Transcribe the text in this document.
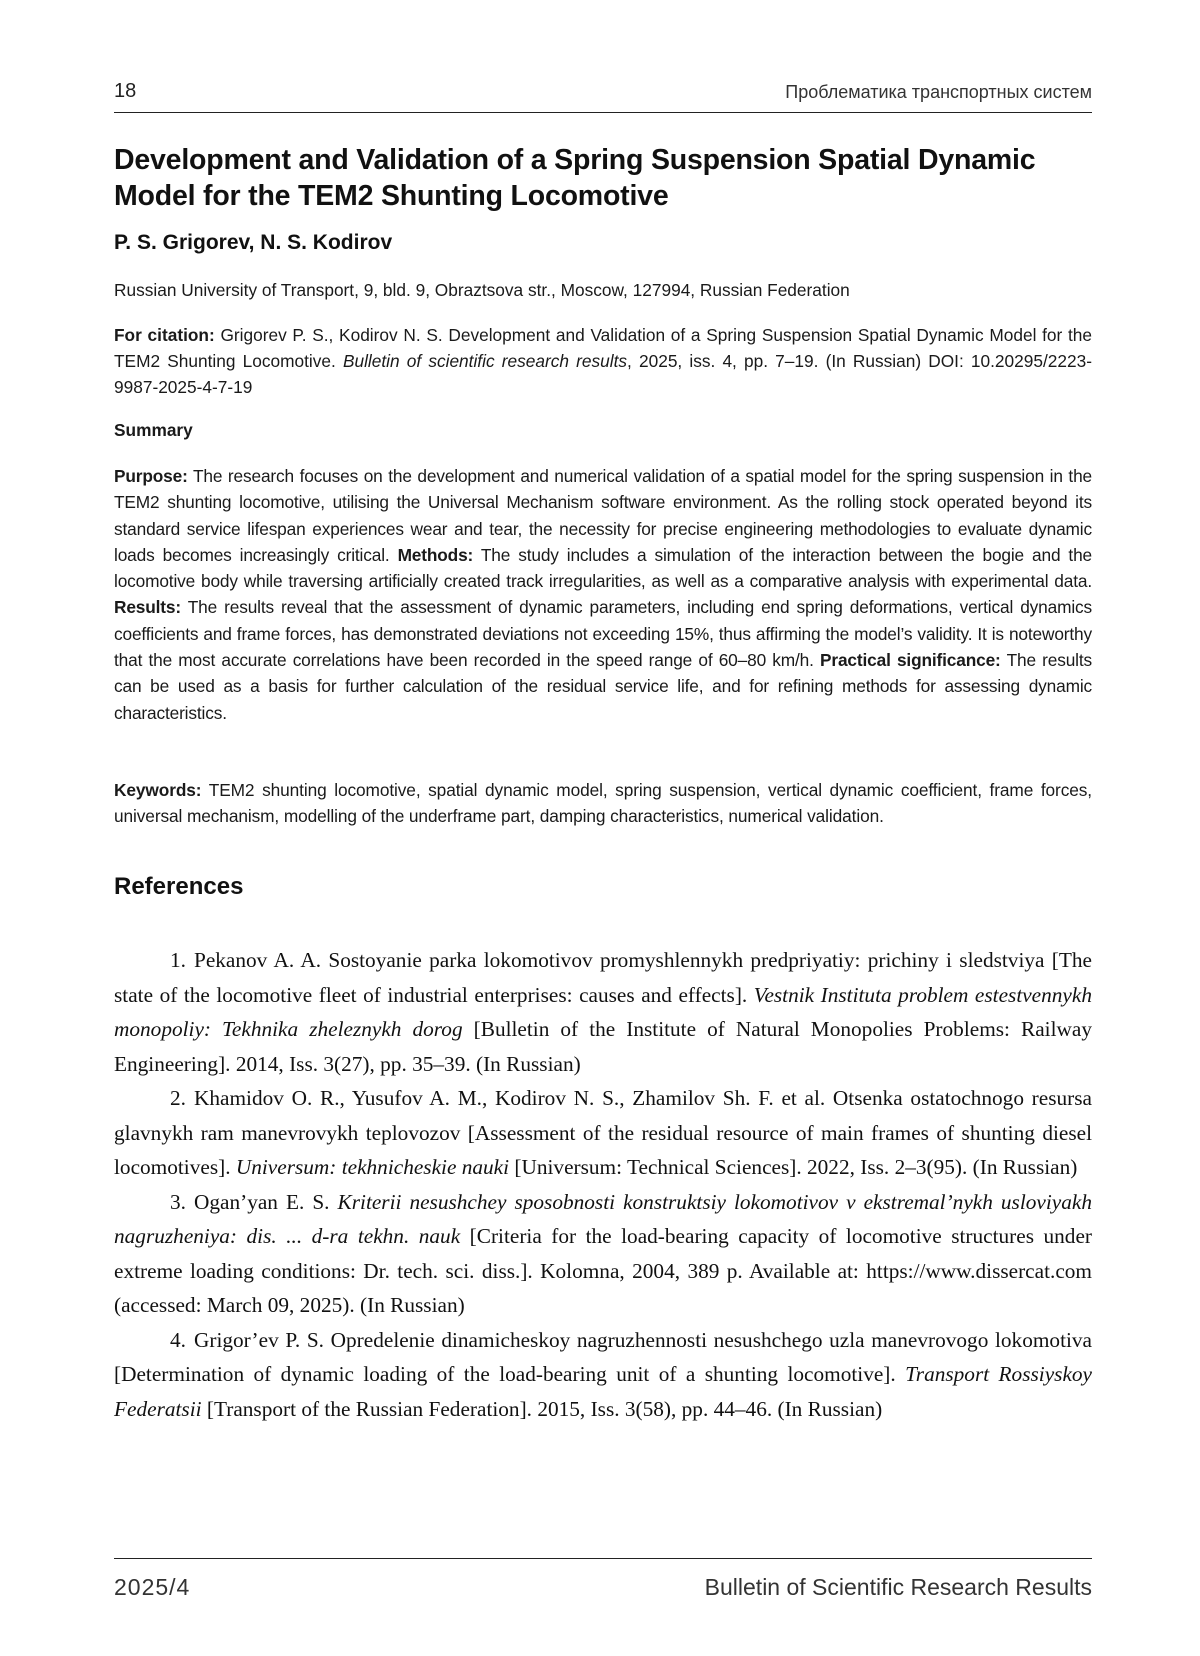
18	Проблематика транспортных систем
Development and Validation of a Spring Suspension Spatial Dynamic Model for the TEM2 Shunting Locomotive
P. S. Grigorev, N. S. Kodirov
Russian University of Transport, 9, bld. 9, Obraztsova str., Moscow, 127994, Russian Federation

For citation: Grigorev P. S., Kodirov N. S. Development and Validation of a Spring Suspension Spatial Dynamic Model for the TEM2 Shunting Locomotive. Bulletin of scientific research results, 2025, iss. 4, pp. 7–19. (In Russian) DOI: 10.20295/2223-9987-2025-4-7-19

Summary

Purpose: The research focuses on the development and numerical validation of a spatial model for the spring suspension in the TEM2 shunting locomotive, utilising the Universal Mechanism software environment. As the rolling stock operated beyond its standard service lifespan experiences wear and tear, the necessity for precise engineering methodologies to evaluate dynamic loads becomes increasingly critical. Methods: The study includes a simulation of the interaction between the bogie and the locomotive body while traversing artificially created track irregularities, as well as a comparative analysis with experimental data. Results: The results reveal that the assessment of dynamic parameters, including end spring deformations, vertical dynamics coefficients and frame forces, has demonstrated deviations not exceeding 15%, thus affirming the model’s validity. It is noteworthy that the most accurate correlations have been recorded in the speed range of 60–80 km/h. Practical significance: The results can be used as a basis for further calculation of the residual service life, and for refining methods for assessing dynamic characteristics.

Keywords: TEM2 shunting locomotive, spatial dynamic model, spring suspension, vertical dynamic coefficient, frame forces, universal mechanism, modelling of the underframe part, damping characteristics, numerical validation.

References
1. Pekanov A. A. Sostoyanie parka lokomotivov promyshlennykh predpriyatiy: prichiny i sledstviya [The state of the locomotive fleet of industrial enterprises: causes and effects]. Vestnik Instituta problem estestvennykh monopoliy: Tekhnika zheleznykh dorog [Bulletin of the Institute of Natural Monopolies Problems: Railway Engineering]. 2014, Iss. 3(27), pp. 35–39. (In Russian)
2. Khamidov O. R., Yusufov A. M., Kodirov N. S., Zhamilov Sh. F. et al. Otsenka ostatochnogo resursa glavnykh ram manevrovykh teplovozov [Assessment of the residual resource of main frames of shunting diesel locomotives]. Universum: tekhnicheskie nauki [Universum: Technical Sciences]. 2022, Iss. 2–3(95). (In Russian)
3. Ogan’yan E. S. Kriterii nesushchey sposobnosti konstruktsiy lokomotivov v ekstremal’nykh usloviyakh nagruzheniya: dis. ... d-ra tekhn. nauk [Criteria for the load-bearing capacity of locomotive structures under extreme loading conditions: Dr. tech. sci. diss.]. Kolomna, 2004, 389 p. Available at: https://www.dissercat.com (accessed: March 09, 2025). (In Russian)
4. Grigor’ev P. S. Opredelenie dinamicheskoy nagruzhennosti nesushchego uzla manevrovogo lokomotiva [Determination of dynamic loading of the load-bearing unit of a shunting locomotive]. Transport Rossiyskoy Federatsii [Transport of the Russian Federation]. 2015, Iss. 3(58), pp. 44–46. (In Russian)
2025/4	Bulletin of Scientific Research Results
